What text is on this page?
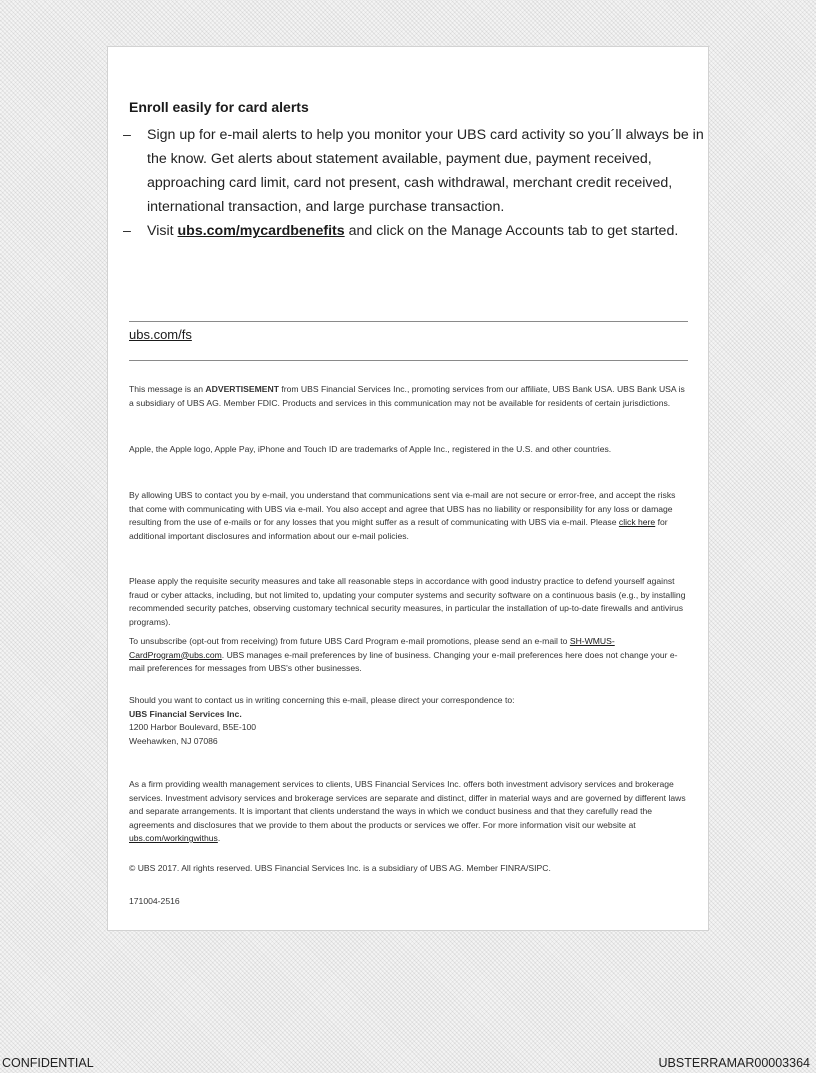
Enroll easily for card alerts
– Sign up for e-mail alerts to help you monitor your UBS card activity so you´ll always be in the know. Get alerts about statement available, payment due, payment received, approaching card limit, card not present, cash withdrawal, merchant credit received, international transaction, and large purchase transaction.
– Visit ubs.com/mycardbenefits and click on the Manage Accounts tab to get started.
ubs.com/fs

This message is an ADVERTISEMENT from UBS Financial Services Inc., promoting services from our affiliate, UBS Bank USA. UBS Bank USA is a subsidiary of UBS AG. Member FDIC. Products and services in this communication may not be available for residents of certain jurisdictions.

Apple, the Apple logo, Apple Pay, iPhone and Touch ID are trademarks of Apple Inc., registered in the U.S. and other countries.

By allowing UBS to contact you by e-mail, you understand that communications sent via e-mail are not secure or error-free, and accept the risks that come with communicating with UBS via e-mail. You also accept and agree that UBS has no liability or responsibility for any loss or damage resulting from the use of e-mails or for any losses that you might suffer as a result of communicating with UBS via e-mail. Please click here for additional important disclosures and information about our e-mail policies.

Please apply the requisite security measures and take all reasonable steps in accordance with good industry practice to defend yourself against fraud or cyber attacks, including, but not limited to, updating your computer systems and security software on a continuous basis (e.g., by installing recommended security patches, observing customary technical security measures, in particular the installation of up-to-date firewalls and antivirus programs).

To unsubscribe (opt-out from receiving) from future UBS Card Program e-mail promotions, please send an e-mail to SH-WMUS-CardProgram@ubs.com. UBS manages e-mail preferences by line of business. Changing your e-mail preferences here does not change your e-mail preferences for messages from UBS's other businesses.

Should you want to contact us in writing concerning this e-mail, please direct your correspondence to:
UBS Financial Services Inc.
1200 Harbor Boulevard, B5E-100
Weehawken, NJ 07086

As a firm providing wealth management services to clients, UBS Financial Services Inc. offers both investment advisory services and brokerage services. Investment advisory services and brokerage services are separate and distinct, differ in material ways and are governed by different laws and separate arrangements. It is important that clients understand the ways in which we conduct business and that they carefully read the agreements and disclosures that we provide to them about the products or services we offer. For more information visit our website at ubs.com/workingwithus.

© UBS 2017. All rights reserved. UBS Financial Services Inc. is a subsidiary of UBS AG. Member FINRA/SIPC.

171004-2516

CONFIDENTIAL	UBSTERRAMAR00003364
